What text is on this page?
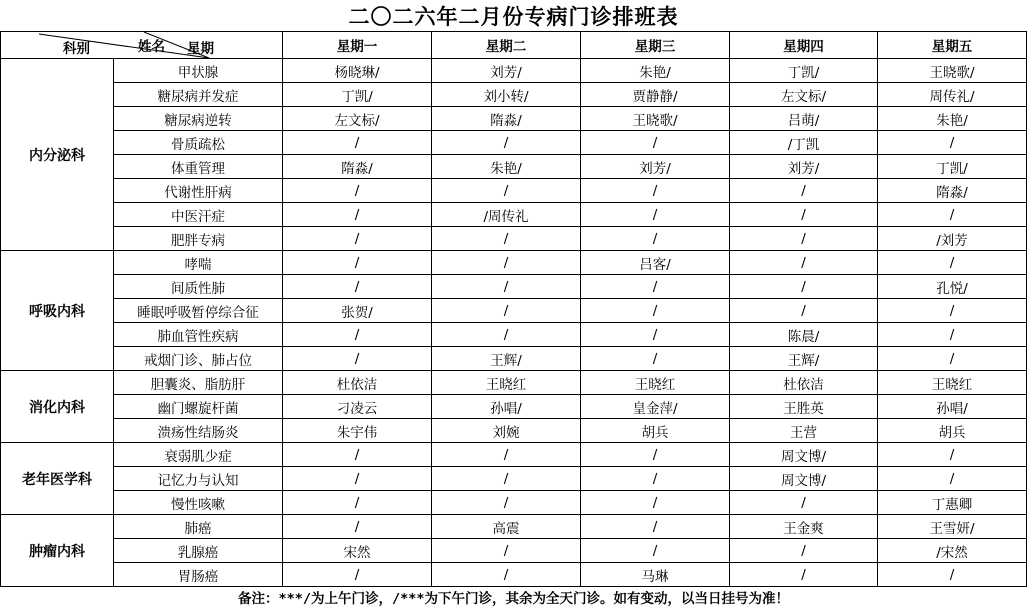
二〇二六年二月份专病门诊排班表
科别 姓名 星期		星期一	星期二	星期三	星期四	星期五
内分泌科	甲状腺	杨晓琳/	刘芳/	朱艳/	丁凯/	王晓歌/
	糖尿病并发症	丁凯/	刘小转/	贾静静/	左文标/	周传礼/
	糖尿病逆转	左文标/	隋淼/	王晓歌/	吕萌/	朱艳/
	骨质疏松	/	/	/	/丁凯	/
	体重管理	隋淼/	朱艳/	刘芳/	刘芳/	丁凯/
	代谢性肝病	/	/	/	/	隋淼/
	中医汗症	/	/周传礼	/	/	/
	肥胖专病	/	/	/	/	/刘芳
呼吸内科	哮喘	/	/	吕客/	/	/
	间质性肺	/	/	/	/	孔悦/
	睡眠呼吸暂停综合征	张贺/	/	/	/	/
	肺血管性疾病	/	/	/	陈晨/	/
	戒烟门诊、肺占位	/	王辉/	/	王辉/	/
消化内科	胆囊炎、脂肪肝	杜依洁	王晓红	王晓红	杜依洁	王晓红
	幽门螺旋杆菌	刁凌云	孙唱/	皇金萍/	王胜英	孙唱/
	溃疡性结肠炎	朱宇伟	刘婉	胡兵	王营	胡兵
老年医学科	衰弱肌少症	/	/	/	周文博/	/
	记忆力与认知	/	/	/	周文博/	/
	慢性咳嗽	/	/	/	/	丁惠卿
肿瘤内科	肺癌	/	高震	/	王金爽	王雪妍/
	乳腺癌	宋然	/	/	/	/宋然
	胃肠癌	/	/	马琳	/	/
备注：***/为上午门诊，/***为下午门诊，其余为全天门诊。如有变动，以当日挂号为准！
